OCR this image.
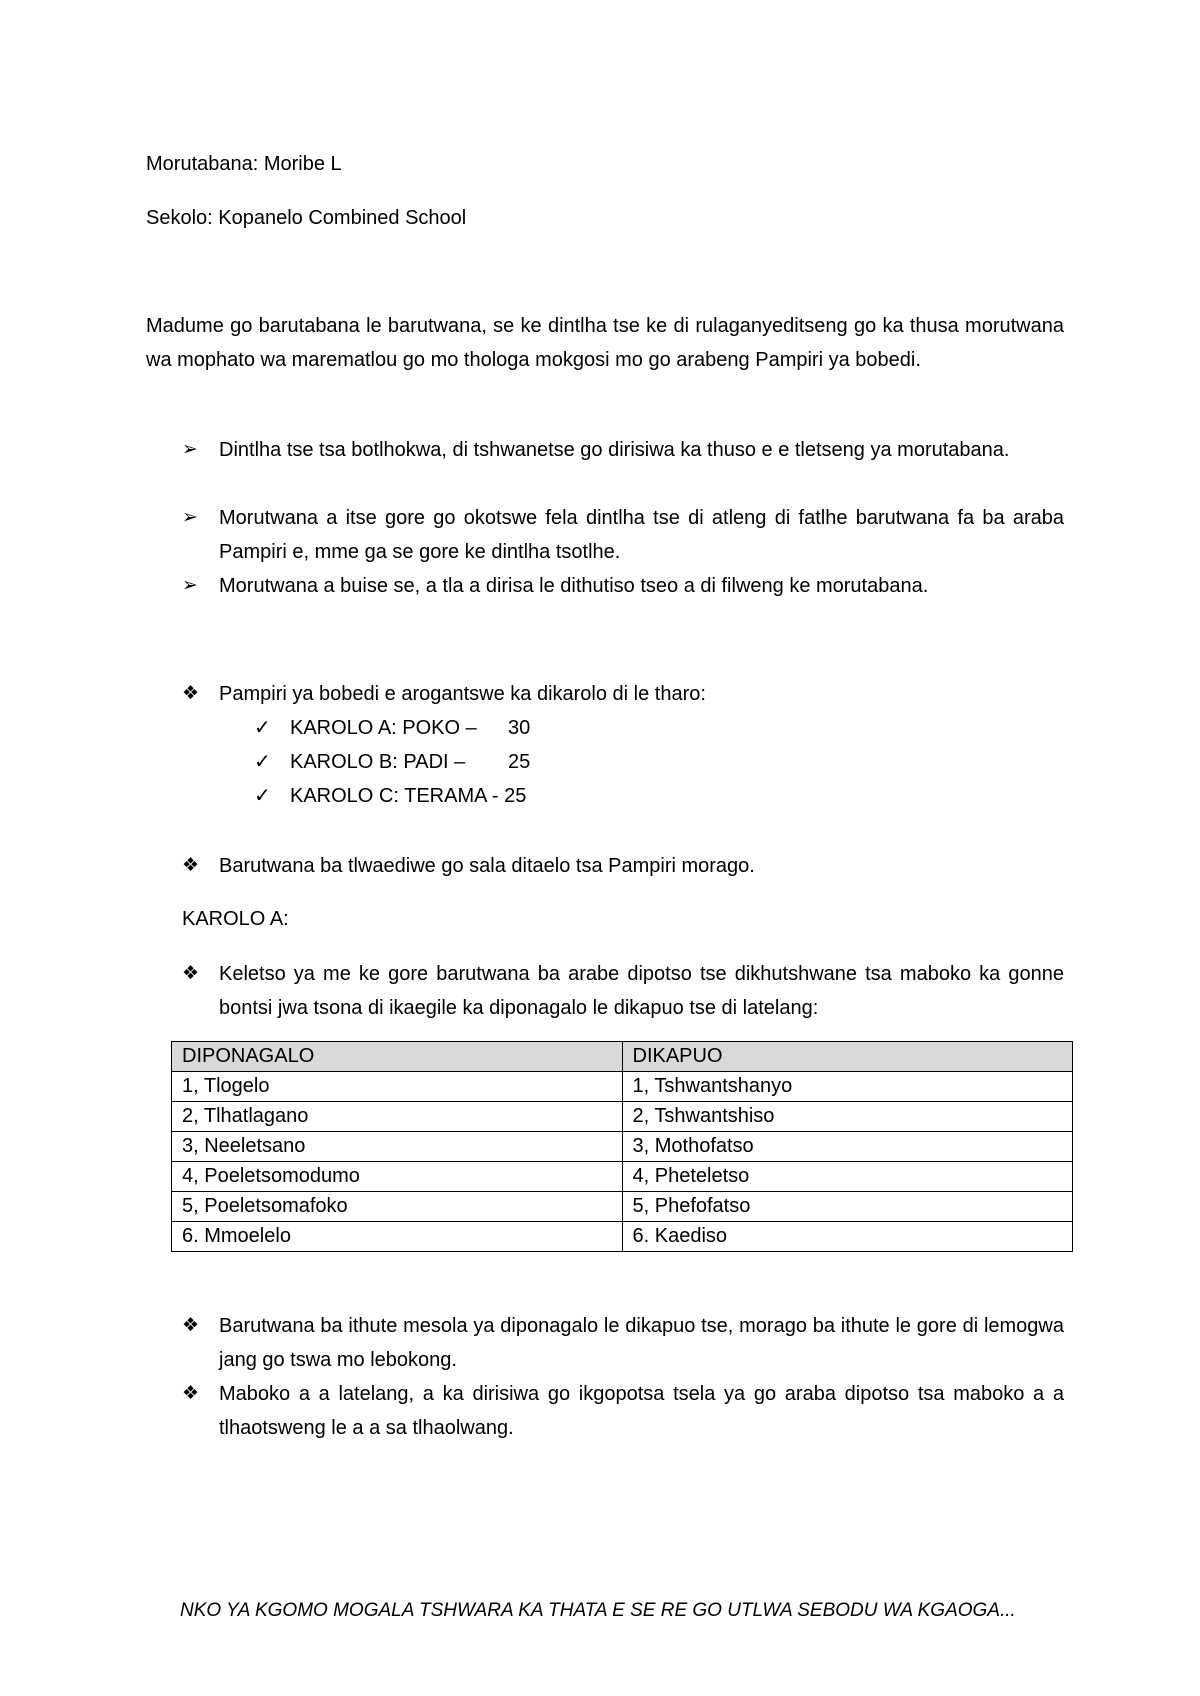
Morutabana: Moribe L
Sekolo: Kopanelo Combined School
Madume go barutabana le barutwana, se ke dintlha tse ke di rulaganyeditseng go ka thusa morutwana wa mophato wa marematlou go mo thologa mokgosi mo go arabeng Pampiri ya bobedi.
➢	Dintlha tse tsa botlhokwa, di tshwanetse go dirisiwa ka thuso e e tletseng ya morutabana.
➢	Morutwana a itse gore go okotswe fela dintlha tse di atleng di fatlhe barutwana fa ba araba Pampiri e, mme ga se gore ke dintlha tsotlhe.
➢	Morutwana a buise se, a tla a dirisa le dithutiso tseo a di filweng ke morutabana.
❖ Pampiri ya bobedi e arogantswe ka dikarolo di le tharo:
✓ KAROLO A: POKO – 30
✓ KAROLO B: PADI – 25
✓ KAROLO C: TERAMA - 25
❖ Barutwana ba tlwaediwe go sala ditaelo tsa Pampiri morago.
KAROLO A:
❖ Keletso ya me ke gore barutwana ba arabe dipotso tse dikhutshwane tsa maboko ka gonne bontsi jwa tsona di ikaegile ka diponagalo le dikapuo tse di latelang:
DIPONAGALO	DIKAPUO
1, Tlogelo	1, Tshwantshanyo
2, Tlhatlagano	2, Tshwantshiso
3, Neeletsano	3, Mothofatso
4, Poeletsomodumo	4, Pheteletso
5, Poeletsomafoko	5, Phefofatso
6. Mmoelelo	6. Kaediso
❖ Barutwana ba ithute mesola ya diponagalo le dikapuo tse, morago ba ithute le gore di lemogwa jang go tswa mo lebokong.
❖ Maboko a a latelang, a ka dirisiwa go ikgopotsa tsela ya go araba dipotso tsa maboko a a tlhaotsweng le a a sa tlhaolwang.
NKO YA KGOMO MOGALA TSHWARA KA THATA E SE RE GO UTLWA SEBODU WA KGAOGA...
